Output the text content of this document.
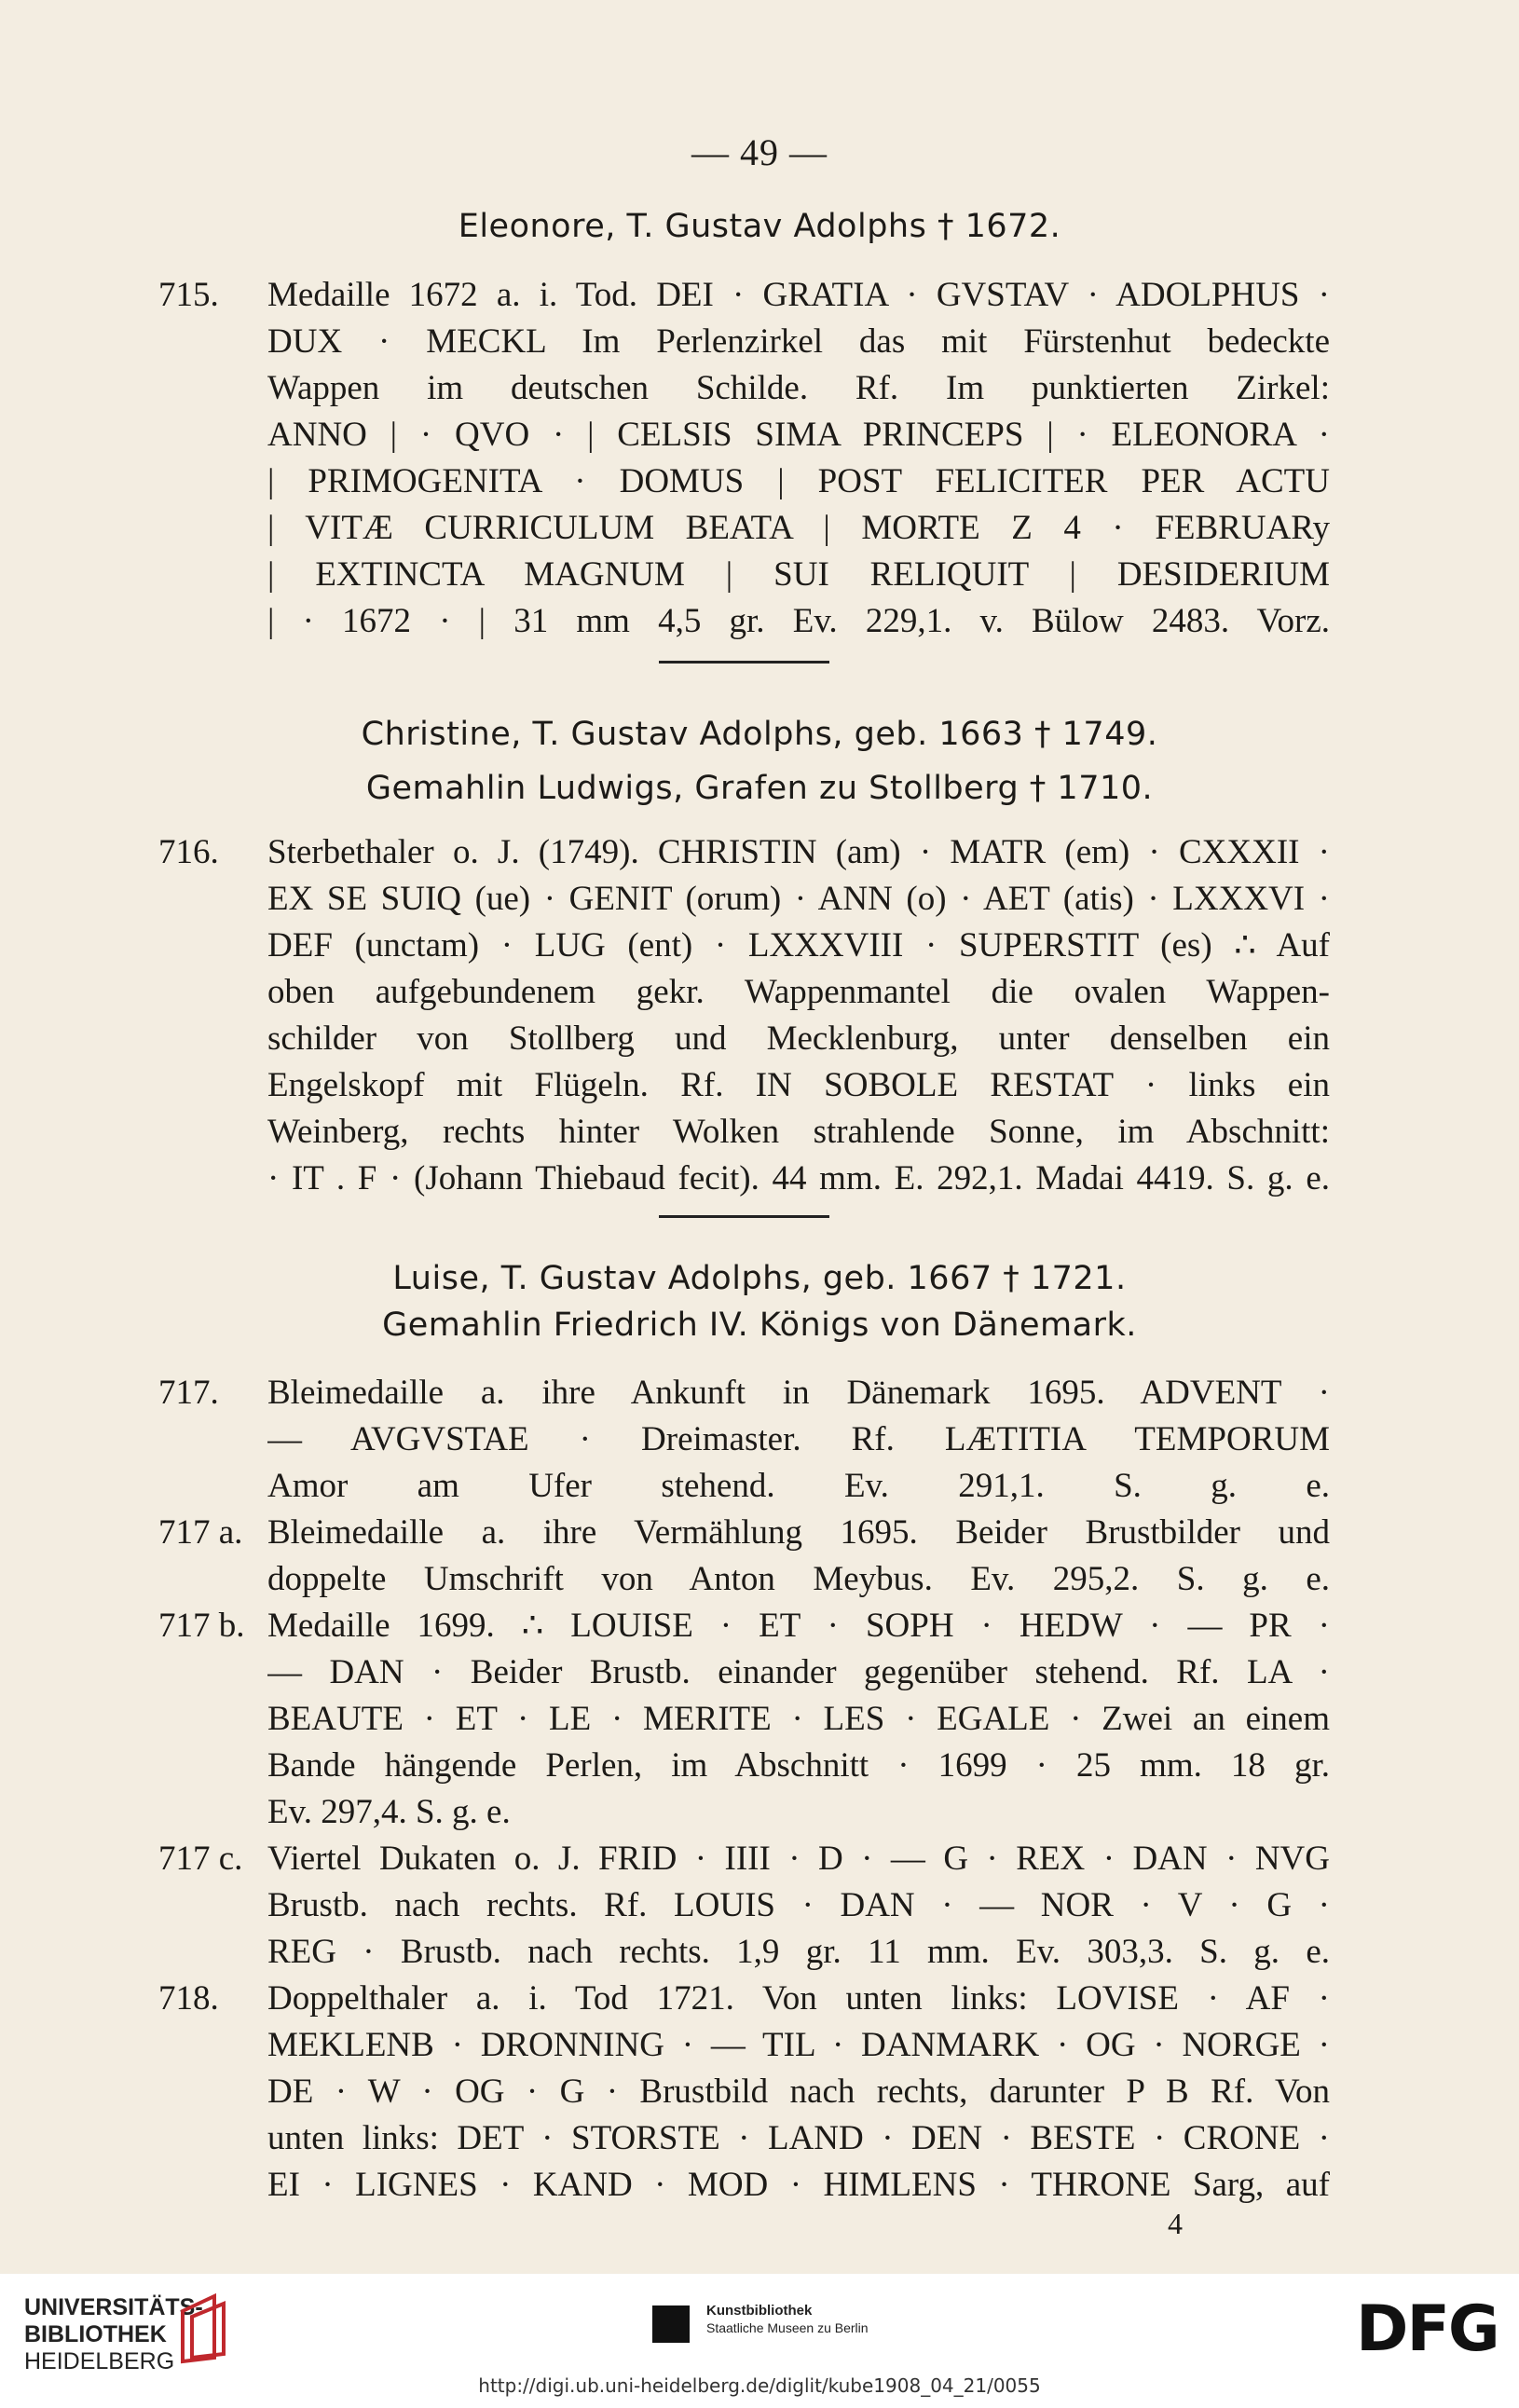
— 49 —
Eleonore, T. Gustav Adolphs † 1672.
715. Medaille 1672 a. i. Tod. DEI · GRATIA · GVSTAV · ADOLPHUS ·
DUX · MECKL Im Perlenzirkel das mit Fürstenhut bedeckte
Wappen im deutschen Schilde. Rf. Im punktierten Zirkel:
ANNO | · QVO · | CELSIS SIMA PRINCEPS | · ELEONORA ·
| PRIMOGENITA · DOMUS | POST FELICITER PER ACTU
| VITÆ CURRICULUM BEATA | MORTE Z 4 · FEBRUARy
| EXTINCTA MAGNUM | SUI RELIQUIT | DESIDERIUM
| · 1672 · | 31 mm 4,5 gr. Ev. 229,1. v. Bülow 2483. Vorz.
Christine, T. Gustav Adolphs, geb. 1663 † 1749.
Gemahlin Ludwigs, Grafen zu Stollberg † 1710.
716. Sterbethaler o. J. (1749). CHRISTIN (am) · MATR (em) · CXXXII ·
EX SE SUIQ (ue) · GENIT (orum) · ANN (o) · AET (atis) · LXXXVI ·
DEF (unctam) · LUG (ent) · LXXXVIII · SUPERSTIT (es) ∴ Auf
oben aufgebundenem gekr. Wappenmantel die ovalen Wappen-
schilder von Stollberg und Mecklenburg, unter denselben ein
Engelskopf mit Flügeln. Rf. IN SOBOLE RESTAT · links ein
Weinberg, rechts hinter Wolken strahlende Sonne, im Abschnitt:
· IT . F · (Johann Thiebaud fecit). 44 mm. E. 292,1. Madai 4419. S. g. e.
Luise, T. Gustav Adolphs, geb. 1667 † 1721.
Gemahlin Friedrich IV. Königs von Dänemark.
717. Bleimedaille a. ihre Ankunft in Dänemark 1695. ADVENT ·
— AVGVSTAE · Dreimaster. Rf. LÆTITIA TEMPORUM
Amor am Ufer stehend. Ev. 291,1. S. g. e.
717 a. Bleimedaille a. ihre Vermählung 1695. Beider Brustbilder und
doppelte Umschrift von Anton Meybus. Ev. 295,2. S. g. e.
717 b. Medaille 1699. ∴ LOUISE · ET · SOPH · HEDW · — PR ·
— DAN · Beider Brustb. einander gegenüber stehend. Rf. LA ·
BEAUTE · ET · LE · MERITE · LES · EGALE · Zwei an einem
Bande hängende Perlen, im Abschnitt · 1699 · 25 mm. 18 gr.
Ev. 297,4. S. g. e.
717 c. Viertel Dukaten o. J. FRID · IIII · D · — G · REX · DAN · NVG
Brustb. nach rechts. Rf. LOUIS · DAN · — NOR · V · G ·
REG · Brustb. nach rechts. 1,9 gr. 11 mm. Ev. 303,3. S. g. e.
718. Doppelthaler a. i. Tod 1721. Von unten links: LOVISE · AF ·
MEKLENB · DRONNING · — TIL · DANMARK · OG · NORGE ·
DE · W · OG · G · Brustbild nach rechts, darunter P B Rf. Von
unten links: DET · STORSTE · LAND · DEN · BESTE · CRONE ·
EI · LIGNES · KAND · MOD · HIMLENS · THRONE Sarg, auf
4
UNIVERSITÄTS-
BIBLIOTHEK
HEIDELBERG
Kunstbibliothek
Staatliche Museen zu Berlin	DFG
http://digi.ub.uni-heidelberg.de/diglit/kube1908_04_21/0055
